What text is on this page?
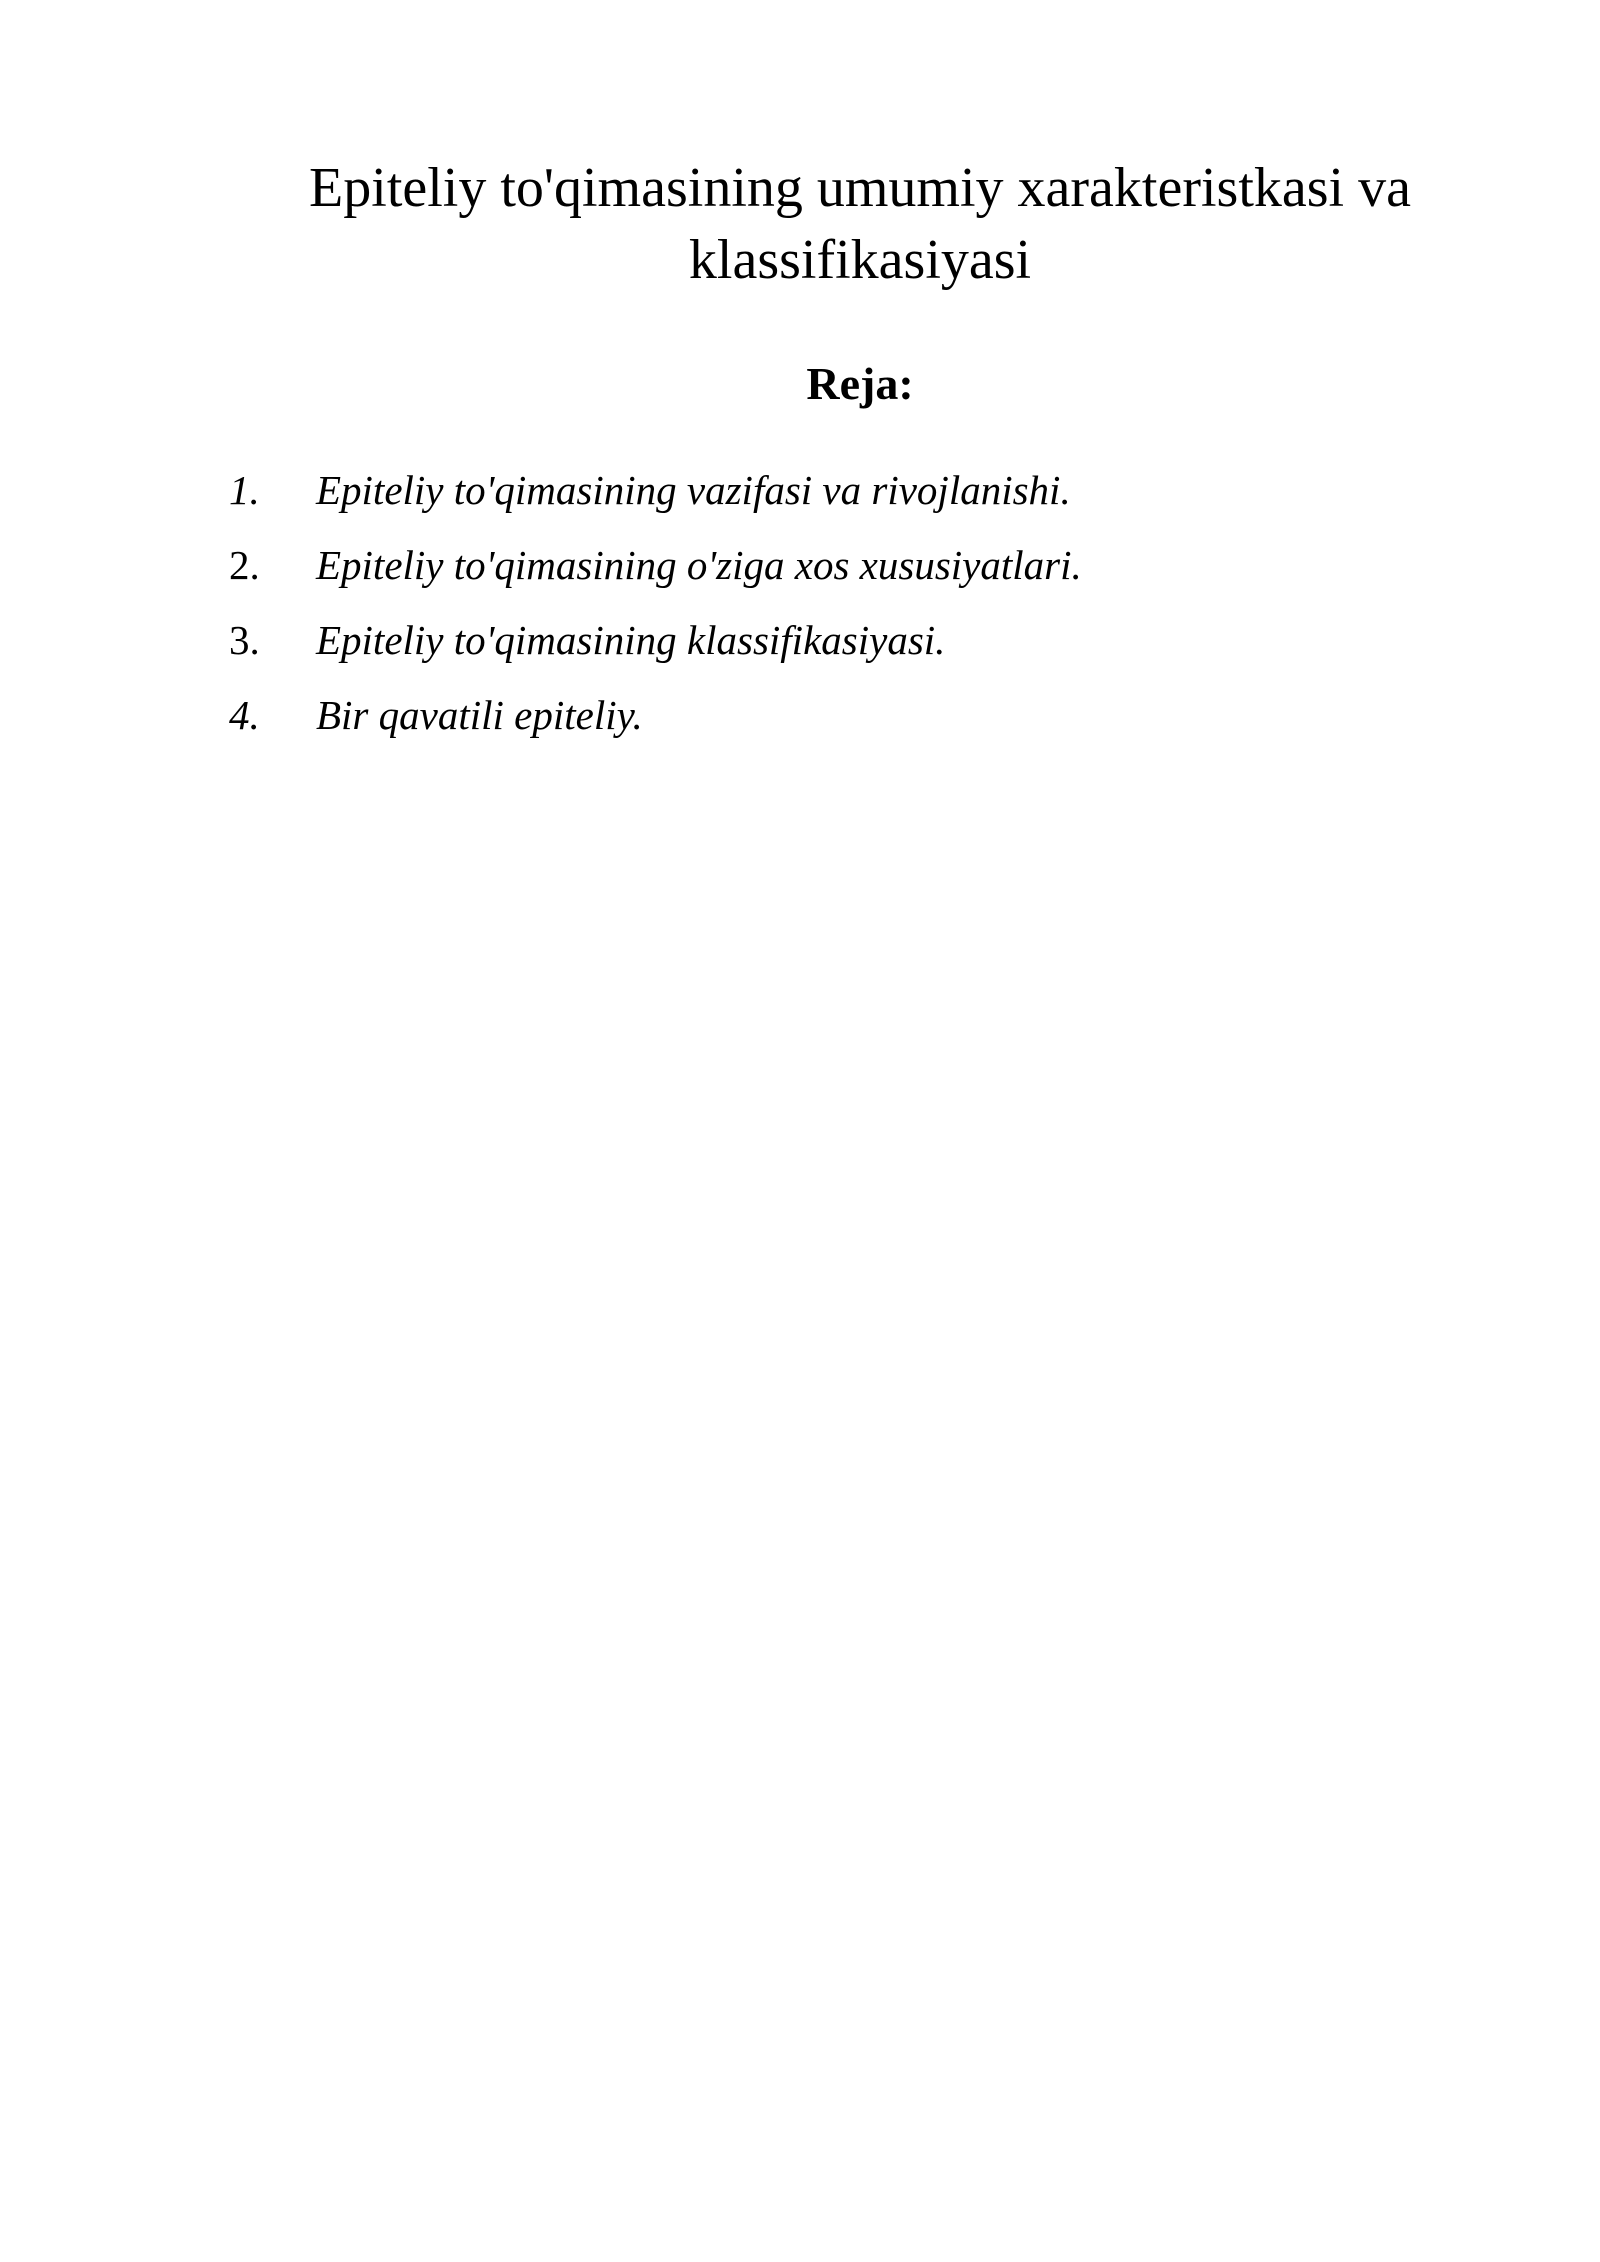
Epiteliy to'qimasining umumiy xarakteristkasi va
klassifikasiyasi
Reja:
1. Epiteliy to'qimasining vazifasi va rivojlanishi.
2. Epiteliy to'qimasining o'ziga xos xususiyatlari.
3. Epiteliy to'qimasining klassifikasiyasi.
4. Bir qavatili epiteliy.
